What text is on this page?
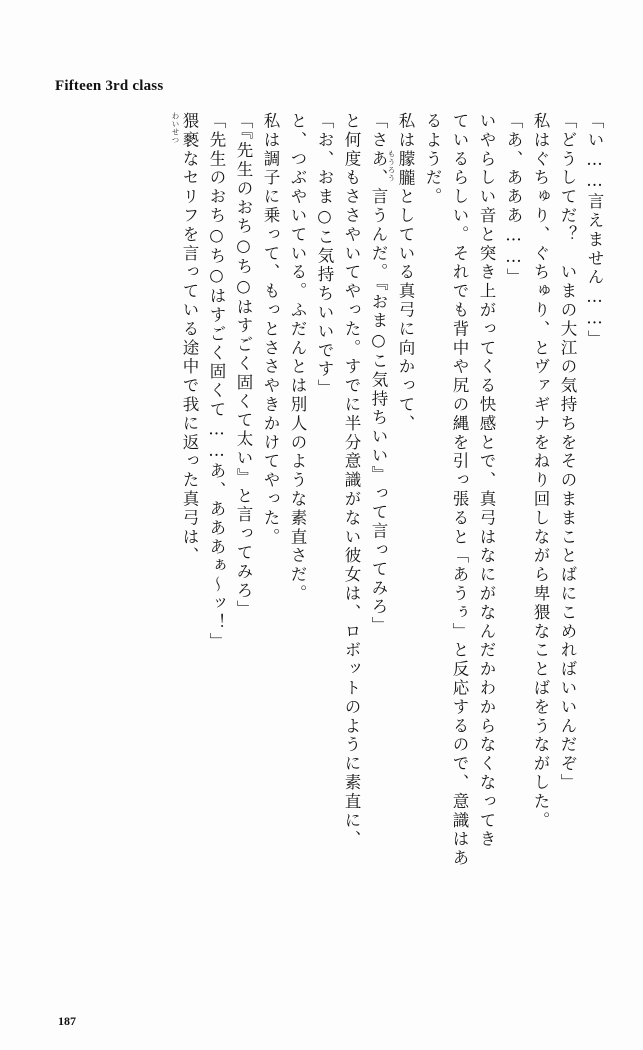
Fifteen 3rd class
「い……言えません……」
「どうしてだ？　いまの大江の気持ちをそのままことばにこめればいいんだぞ」
私はぐちゅり、ぐちゅり、とヴァギナをねり回しながら卑猥なことばをうながした。
「あ、あああ……」
いやらしい音と突き上がってくる快感とで、真弓はなにがなんだかわからなくなってき
ているらしい。それでも背中や尻の縄を引っ張ると「あうぅ」と反応するので、意識はあ
るようだ。
私は朦朧
もうろう
としている真弓に向かって、
「さあ、言うんだ。『おま○こ気持ちいい』って言ってみろ」
と何度もささやいてやった。すでに半分意識がない彼女は、ロボットのように素直に、
「お、おま○こ気持ちいいです」
と、つぶやいている。ふだんとは別人のような素直さだ。
私は調子に乗って、もっとささやきかけてやった。
「『先生のおち○ち○はすごく固くて太い』と言ってみろ」
「先生のおち○ち○はすごく固くて……あ、あああぁ～ッ！」
猥褻
わいせつ
なセリフを言っている途中で我に返った真弓は、
187
